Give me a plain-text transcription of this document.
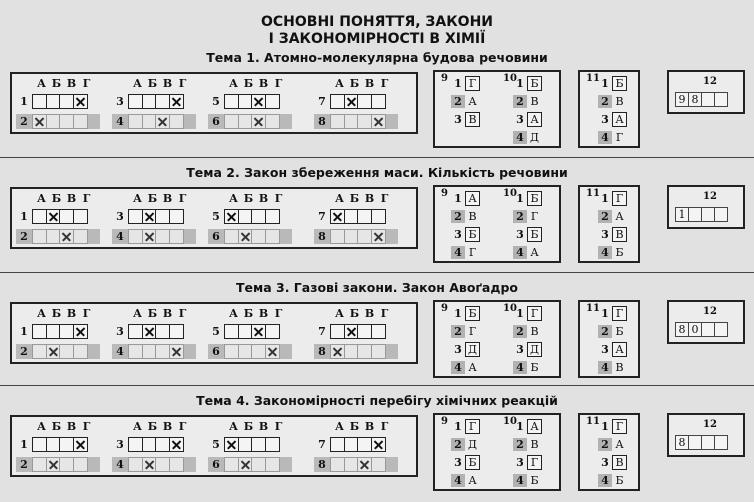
ОСНОВНІ ПОНЯТТЯ, ЗАКОНИ
І ЗАКОНОМІРНОСТІ В ХІМІЇ
Тема 1. Атомно-молекулярна будова речовини
А Б В Г
1
2
А Б В Г
3
4
А Б В Г
5
6
А Б В Г
7
8
9 1 Г
2 А
3 В
10 1 Б
2 В
3 А
4 Д
11 1 Б
2 В
3 А
4 Г
12
9 8
Тема 2. Закон збереження маси. Кількість речовини
А Б В Г
1
2
А Б В Г
3
4
А Б В Г
5
6
А Б В Г
7
8
9 1 А
2 В
3 Б
4 Г
10 1 Б
2 Г
3 Б
4 А
11 1 Г
2 А
3 В
4 Б
12
1
Тема 3. Газові закони. Закон Авоґадро
А Б В Г
1
2
А Б В Г
3
4
А Б В Г
5
6
А Б В Г
7
8
9 1 Б
2 Г
3 Д
4 А
10 1 Г
2 В
3 Д
4 Б
11 1 Г
2 Б
3 А
4 В
12
8 0
Тема 4. Закономірності перебігу хімічних реакцій
А Б В Г
1
2
А Б В Г
3
4
А Б В Г
5
6
А Б В Г
7
8
9 1 Г
2 Д
3 Б
4 А
10 1 А
2 В
3 Г
4 Б
11 1 Г
2 А
3 В
4 Б
12
8
